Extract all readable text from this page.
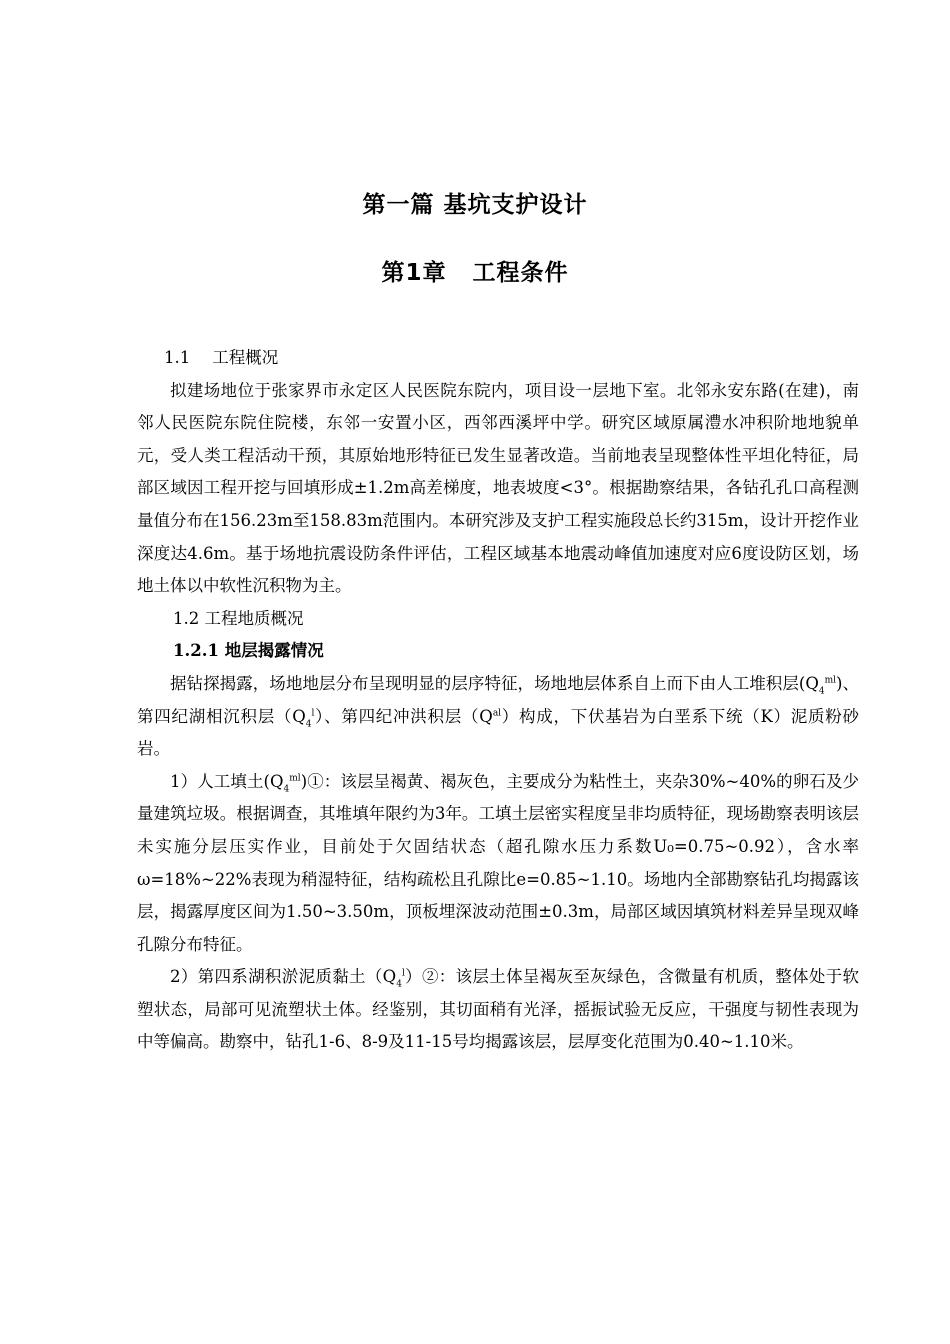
第一篇 基坑支护设计
第1章 工程条件

1.1 工程概况

拟建场地位于张家界市永定区人民医院东院内，项目设一层地下室。北邻永安东路(在建)，南邻人民医院东院住院楼，东邻一安置小区，西邻西溪坪中学。研究区域原属澧水冲积阶地地貌单元，受人类工程活动干预，其原始地形特征已发生显著改造。当前地表呈现整体性平坦化特征，局部区域因工程开挖与回填形成±1.2m高差梯度，地表坡度<3°。根据勘察结果，各钻孔孔口高程测量值分布在156.23m至158.83m范围内。本研究涉及支护工程实施段总长约315m，设计开挖作业深度达4.6m。基于场地抗震设防条件评估，工程区域基本地震动峰值加速度对应6度设防区划，场地土体以中软性沉积物为主。

1.2 工程地质概况

1.2.1 地层揭露情况

据钻探揭露，场地地层分布呈现明显的层序特征，场地地层体系自上而下由人工堆积层$(Q_4^{ml})$、第四纪湖相沉积层$(Q_4^l)$、第四纪冲洪积层$(Q^{al})$构成，下伏基岩为白垩系下统（K）泥质粉砂岩。

1）人工填土$(Q_4^{ml})①$：该层呈褐黄、褐灰色，主要成分为粘性土，夹杂30%~40%的卵石及少量建筑垃圾。根据调查，其堆填年限约为3年。工填土层密实程度呈非均质特征，现场勘察表明该层未实施分层压实作业，目前处于欠固结状态（超孔隙水压力系数U₀=0.75~0.92），含水率ω=18%~22%表现为稍湿特征，结构疏松且孔隙比e=0.85~1.10。场地内全部勘察钻孔均揭露该层，揭露厚度区间为1.50~3.50m，顶板埋深波动范围±0.3m，局部区域因填筑材料差异呈现双峰孔隙分布特征。

2）第四系湖积淤泥质黏土$(Q_4^l)②$：该层土体呈褐灰至灰绿色，含微量有机质，整体处于软塑状态，局部可见流塑状土体。经鉴别，其切面稍有光泽，摇振试验无反应，干强度与韧性表现为中等偏高。勘察中，钻孔1-6、8-9及11-15号均揭露该层，层厚变化范围为0.40~1.10米。
